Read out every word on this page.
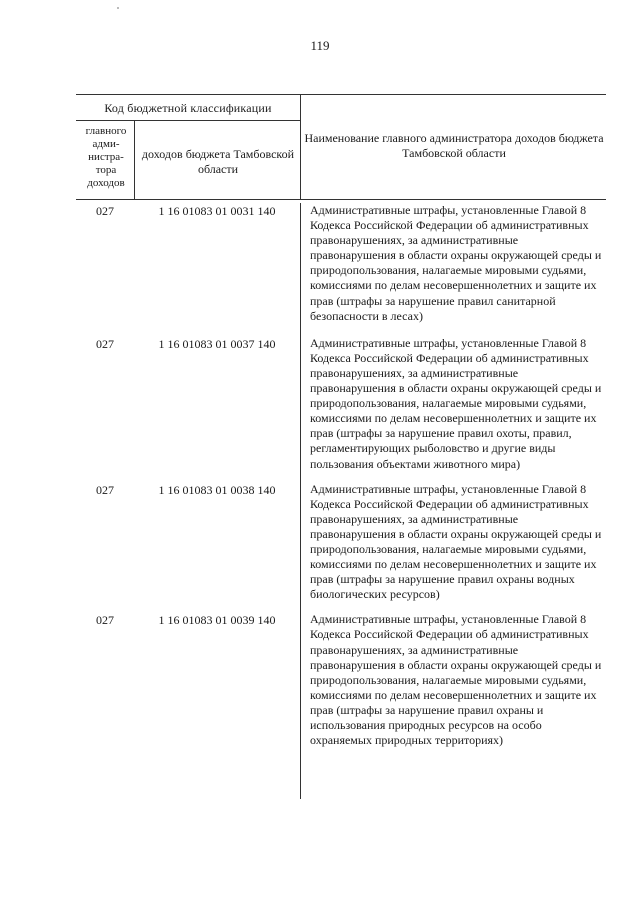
119
Код бюджетной классификации
главного адми-нистра-тора доходов
доходов бюджета Тамбовской области
Наименование главного администратора доходов бюджета Тамбовской области
027	1 16 01083 01 0031 140	Административные штрафы, установленные Главой 8 Кодекса Российской Федерации об административных правонарушениях, за административные правонарушения в области охраны окружающей среды и природопользования, налагаемые мировыми судьями, комиссиями по делам несовершеннолетних и защите их прав (штрафы за нарушение правил санитарной безопасности в лесах)
027	1 16 01083 01 0037 140	Административные штрафы, установленные Главой 8 Кодекса Российской Федерации об административных правонарушениях, за административные правонарушения в области охраны окружающей среды и природопользования, налагаемые мировыми судьями, комиссиями по делам несовершеннолетних и защите их прав (штрафы за нарушение правил охоты, правил, регламентирующих рыболовство и другие виды пользования объектами животного мира)
027	1 16 01083 01 0038 140	Административные штрафы, установленные Главой 8 Кодекса Российской Федерации об административных правонарушениях, за административные правонарушения в области охраны окружающей среды и природопользования, налагаемые мировыми судьями, комиссиями по делам несовершеннолетних и защите их прав (штрафы за нарушение правил охраны водных биологических ресурсов)
027	1 16 01083 01 0039 140	Административные штрафы, установленные Главой 8 Кодекса Российской Федерации об административных правонарушениях, за административные правонарушения в области охраны окружающей среды и природопользования, налагаемые мировыми судьями, комиссиями по делам несовершеннолетних и защите их прав (штрафы за нарушение правил охраны и использования природных ресурсов на особо охраняемых природных территориях)
